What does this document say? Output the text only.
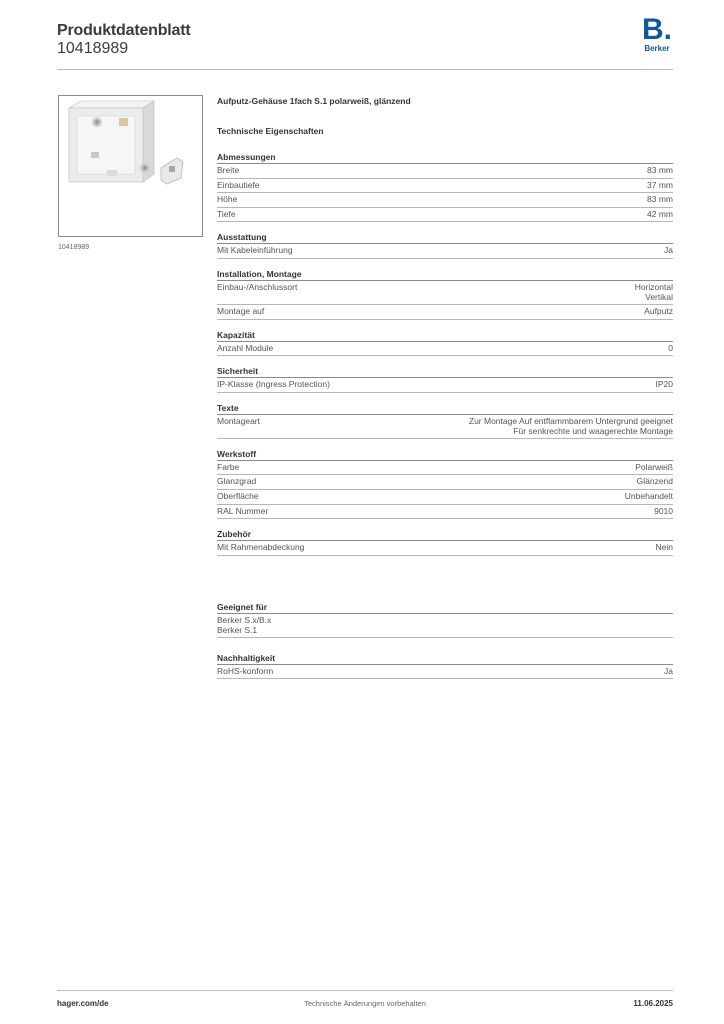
Produktdatenblatt
10418989
B.
Berker
10418989
Aufputz-Gehäuse 1fach S.1 polarweiß, glänzend
Technische Eigenschaften
Abmessungen
Breite	83 mm
Einbautiefe	37 mm
Höhe	83 mm
Tiefe	42 mm
Ausstattung
Mit Kabeleinführung	Ja
Installation, Montage
Einbau-/Anschlussort	Horizontal
Vertikal
Montage auf	Aufputz
Kapazität
Anzahl Module	0
Sicherheit
IP-Klasse (Ingress Protection)	IP20
Texte
Montageart	Zur Montage Auf entflammbarem Untergrund geeignet
Für senkrechte und waagerechte Montage
Werkstoff
Farbe	Polarweiß
Glanzgrad	Glänzend
Oberfläche	Unbehandelt
RAL Nummer	9010
Zubehör
Mit Rahmenabdeckung	Nein
Geeignet für
Berker S.x/B.x
Berker S.1
Nachhaltigkeit
RoHS-konform	Ja
Technische Änderungen vorbehalten
hager.com/de	11.06.2025
